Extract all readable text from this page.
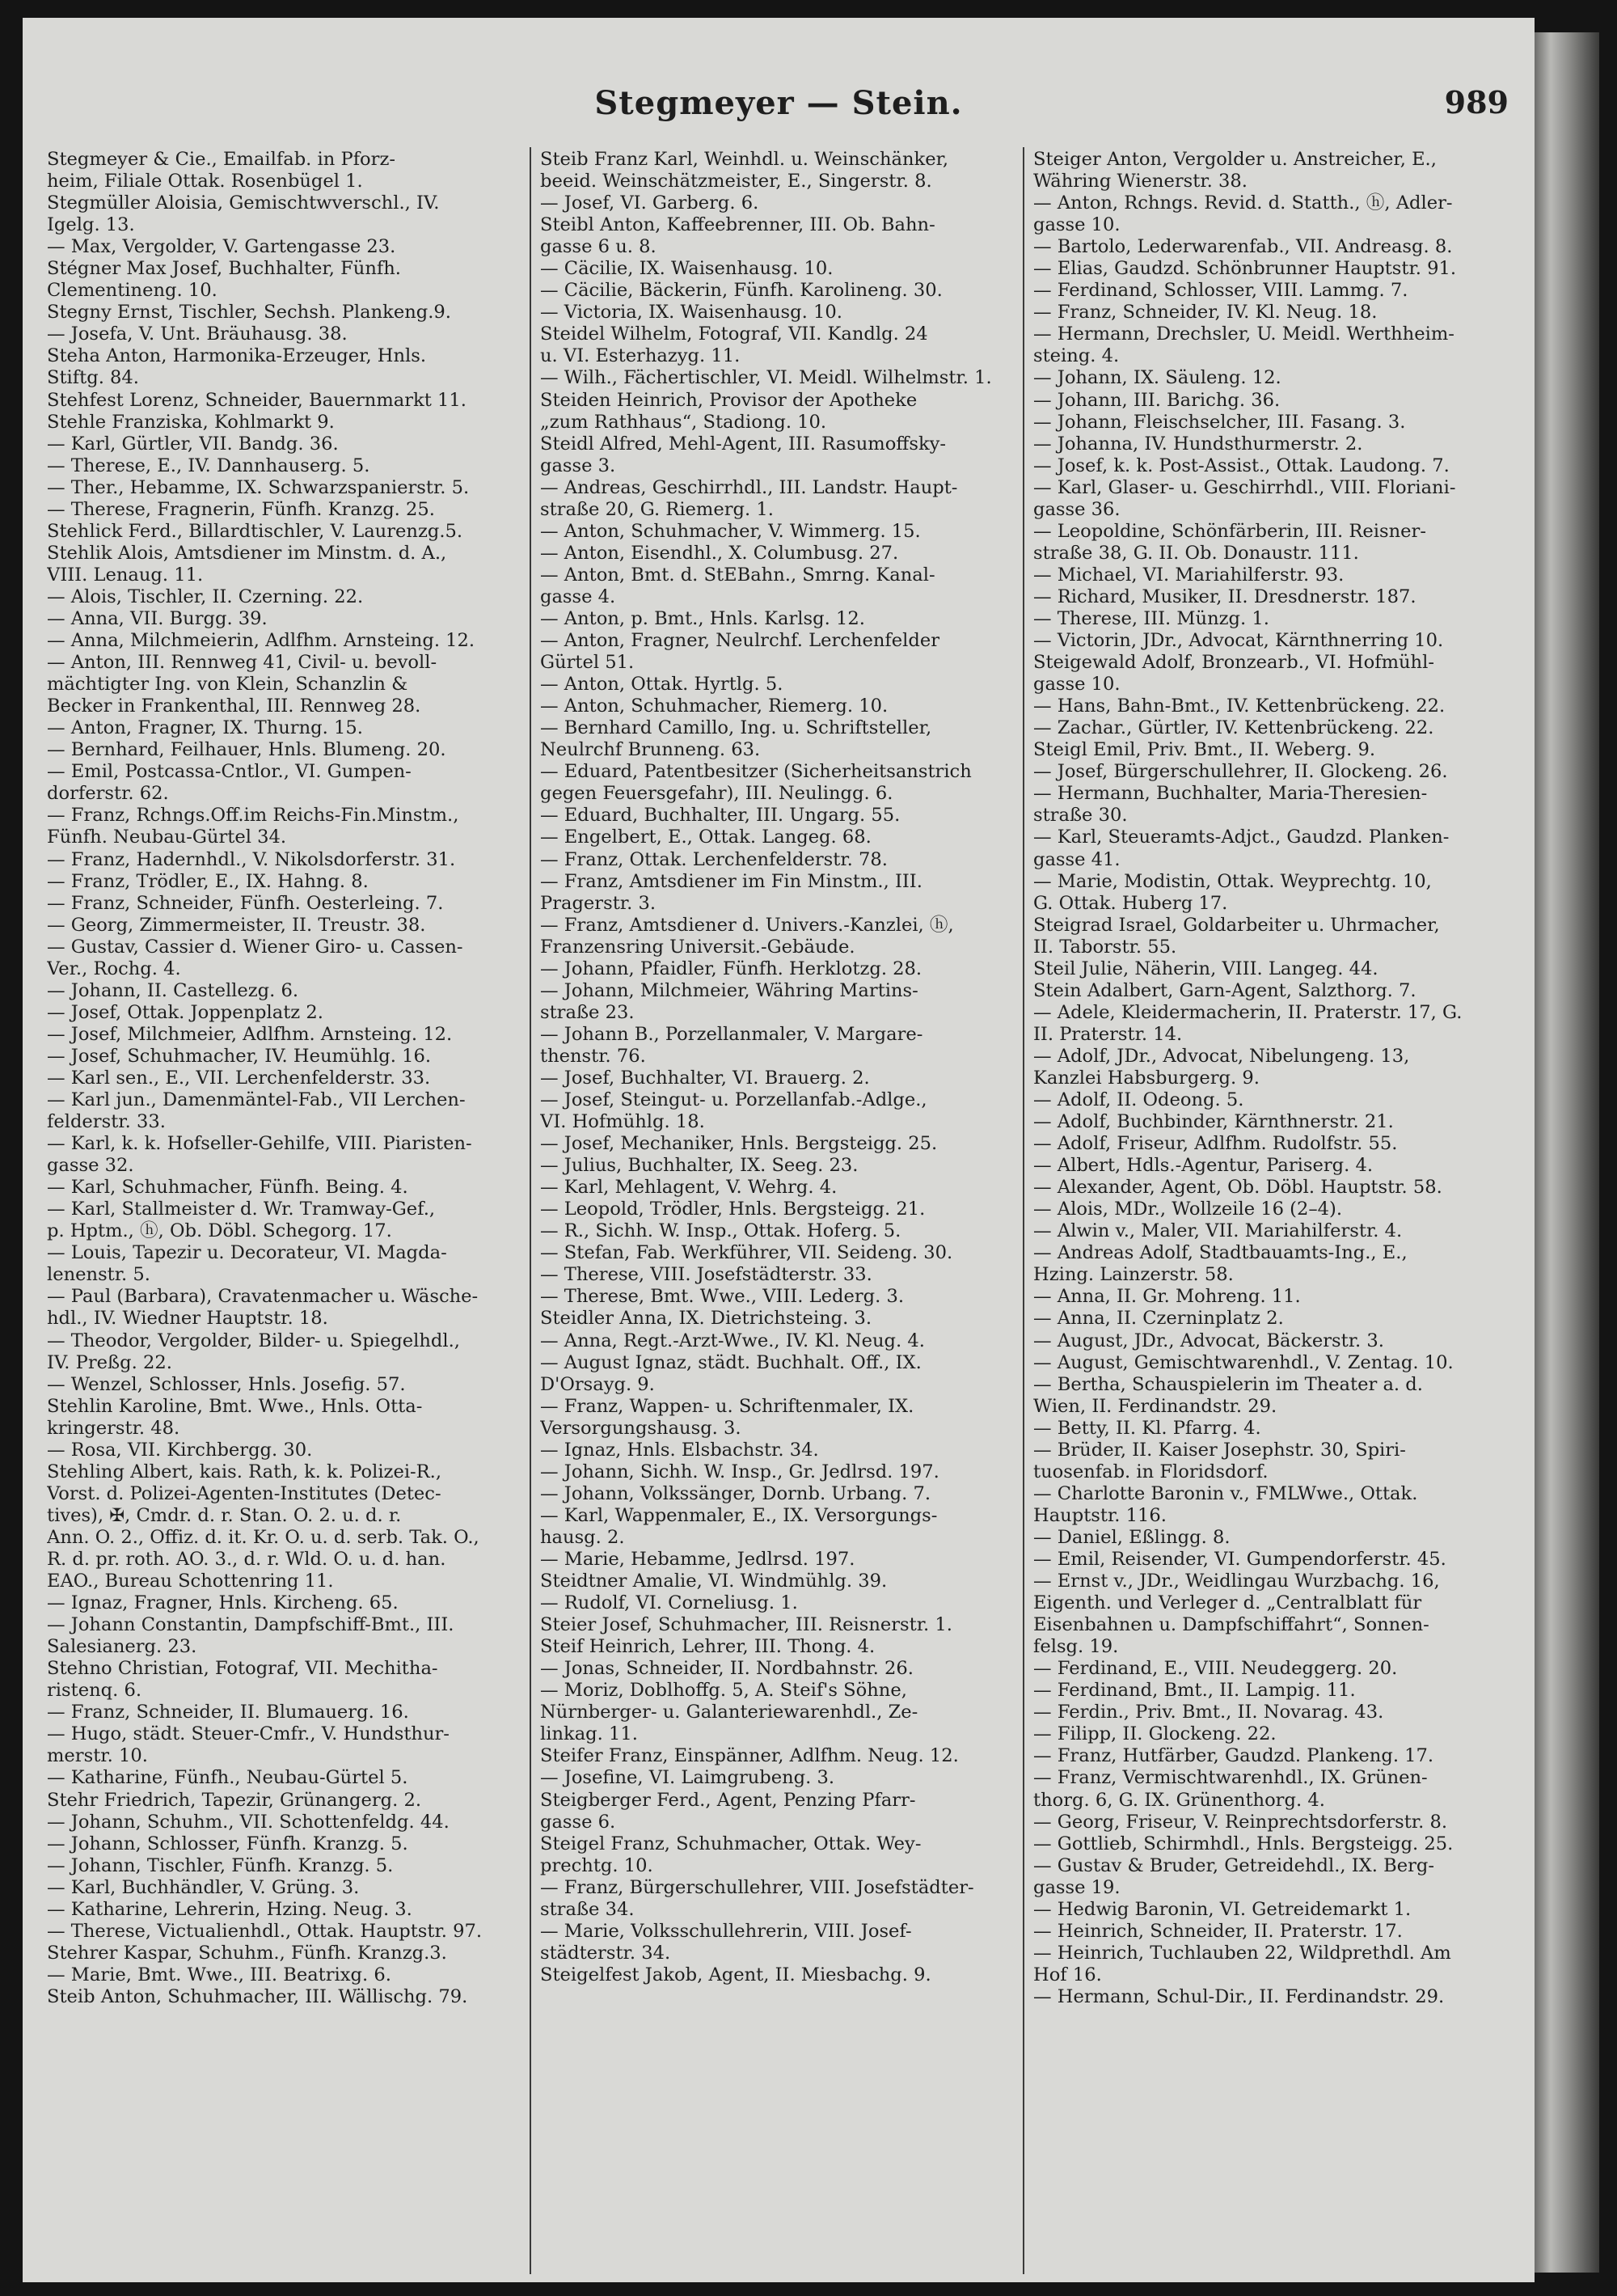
Stegmeyer — Stein.	989
Stegmeyer & Cie., Emailfab. in Pforz-
heim, Filiale Ottak. Rosenbügel 1.
Stegmüller Aloisia, Gemischtwverschl., IV.
Igelg. 13.
— Max, Vergolder, V. Gartengasse 23.
Stégner Max Josef, Buchhalter, Fünfh.
Clementineng. 10.
Stegny Ernst, Tischler, Sechsh. Plankeng.9.
— Josefa, V. Unt. Bräuhausg. 38.
Steha Anton, Harmonika-Erzeuger, Hnls.
Stiftg. 84.
Stehfest Lorenz, Schneider, Bauernmarkt 11.
Stehle Franziska, Kohlmarkt 9.
— Karl, Gürtler, VII. Bandg. 36.
— Therese, E., IV. Dannhauserg. 5.
— Ther., Hebamme, IX. Schwarzspanierstr. 5.
— Therese, Fragnerin, Fünfh. Kranzg. 25.
Stehlick Ferd., Billardtischler, V. Laurenzg.5.
Stehlik Alois, Amtsdiener im Minstm. d. A.,
VIII. Lenaug. 11.
— Alois, Tischler, II. Czerning. 22.
— Anna, VII. Burgg. 39.
— Anna, Milchmeierin, Adlfhm. Arnsteing. 12.
— Anton, III. Rennweg 41, Civil- u. bevoll-
mächtigter Ing. von Klein, Schanzlin &
Becker in Frankenthal, III. Rennweg 28.
— Anton, Fragner, IX. Thurng. 15.
— Bernhard, Feilhauer, Hnls. Blumeng. 20.
— Emil, Postcassa-Cntlor., VI. Gumpen-
dorferstr. 62.
— Franz, Rchngs.Off.im Reichs-Fin.Minstm.,
Fünfh. Neubau-Gürtel 34.
— Franz, Hadernhdl., V. Nikolsdorferstr. 31.
— Franz, Trödler, E., IX. Hahng. 8.
— Franz, Schneider, Fünfh. Oesterleing. 7.
— Georg, Zimmermeister, II. Treustr. 38.
— Gustav, Cassier d. Wiener Giro- u. Cassen-
Ver., Rochg. 4.
— Johann, II. Castellezg. 6.
— Josef, Ottak. Joppenplatz 2.
— Josef, Milchmeier, Adlfhm. Arnsteing. 12.
— Josef, Schuhmacher, IV. Heumühlg. 16.
— Karl sen., E., VII. Lerchenfelderstr. 33.
— Karl jun., Damenmäntel-Fab., VII Lerchen-
felderstr. 33.
— Karl, k. k. Hofseller-Gehilfe, VIII. Piaristen-
gasse 32.
— Karl, Schuhmacher, Fünfh. Being. 4.
— Karl, Stallmeister d. Wr. Tramway-Gef.,
p. Hptm., ⓗ, Ob. Döbl. Schegorg. 17.
— Louis, Tapezir u. Decorateur, VI. Magda-
lenenstr. 5.
— Paul (Barbara), Cravatenmacher u. Wäsche-
hdl., IV. Wiedner Hauptstr. 18.
— Theodor, Vergolder, Bilder- u. Spiegelhdl.,
IV. Preßg. 22.
— Wenzel, Schlosser, Hnls. Josefig. 57.
Stehlin Karoline, Bmt. Wwe., Hnls. Otta-
kringerstr. 48.
— Rosa, VII. Kirchbergg. 30.
Stehling Albert, kais. Rath, k. k. Polizei-R.,
Vorst. d. Polizei-Agenten-Institutes (Detec-
tives), ✠, Cmdr. d. r. Stan. O. 2. u. d. r.
Ann. O. 2., Offiz. d. it. Kr. O. u. d. serb. Tak. O.,
R. d. pr. roth. AO. 3., d. r. Wld. O. u. d. han.
EAO., Bureau Schottenring 11.
— Ignaz, Fragner, Hnls. Kircheng. 65.
— Johann Constantin, Dampfschiff-Bmt., III.
Salesianerg. 23.
Stehno Christian, Fotograf, VII. Mechitha-
ristenq. 6.
— Franz, Schneider, II. Blumauerg. 16.
— Hugo, städt. Steuer-Cmfr., V. Hundsthur-
merstr. 10.
— Katharine, Fünfh., Neubau-Gürtel 5.
Stehr Friedrich, Tapezir, Grünangerg. 2.
— Johann, Schuhm., VII. Schottenfeldg. 44.
— Johann, Schlosser, Fünfh. Kranzg. 5.
— Johann, Tischler, Fünfh. Kranzg. 5.
— Karl, Buchhändler, V. Grüng. 3.
— Katharine, Lehrerin, Hzing. Neug. 3.
— Therese, Victualienhdl., Ottak. Hauptstr. 97.
Stehrer Kaspar, Schuhm., Fünfh. Kranzg.3.
— Marie, Bmt. Wwe., III. Beatrixg. 6.
Steib Anton, Schuhmacher, III. Wällischg. 79.
Steib Franz Karl, Weinhdl. u. Weinschänker,
beeid. Weinschätzmeister, E., Singerstr. 8.
— Josef, VI. Garberg. 6.
Steibl Anton, Kaffeebrenner, III. Ob. Bahn-
gasse 6 u. 8.
— Cäcilie, IX. Waisenhausg. 10.
— Cäcilie, Bäckerin, Fünfh. Karolineng. 30.
— Victoria, IX. Waisenhausg. 10.
Steidel Wilhelm, Fotograf, VII. Kandlg. 24
u. VI. Esterhazyg. 11.
— Wilh., Fächertischler, VI. Meidl. Wilhelmstr. 1.
Steiden Heinrich, Provisor der Apotheke
„zum Rathhaus“, Stadiong. 10.
Steidl Alfred, Mehl-Agent, III. Rasumoffsky-
gasse 3.
— Andreas, Geschirrhdl., III. Landstr. Haupt-
straße 20, G. Riemerg. 1.
— Anton, Schuhmacher, V. Wimmerg. 15.
— Anton, Eisendhl., X. Columbusg. 27.
— Anton, Bmt. d. StEBahn., Smrng. Kanal-
gasse 4.
— Anton, p. Bmt., Hnls. Karlsg. 12.
— Anton, Fragner, Neulrchf. Lerchenfelder
Gürtel 51.
— Anton, Ottak. Hyrtlg. 5.
— Anton, Schuhmacher, Riemerg. 10.
— Bernhard Camillo, Ing. u. Schriftsteller,
Neulrchf Brunneng. 63.
— Eduard, Patentbesitzer (Sicherheitsanstrich
gegen Feuersgefahr), III. Neulingg. 6.
— Eduard, Buchhalter, III. Ungarg. 55.
— Engelbert, E., Ottak. Langeg. 68.
— Franz, Ottak. Lerchenfelderstr. 78.
— Franz, Amtsdiener im Fin Minstm., III.
Pragerstr. 3.
— Franz, Amtsdiener d. Univers.-Kanzlei, ⓗ,
Franzensring Universit.-Gebäude.
— Johann, Pfaidler, Fünfh. Herklotzg. 28.
— Johann, Milchmeier, Währing Martins-
straße 23.
— Johann B., Porzellanmaler, V. Margare-
thenstr. 76.
— Josef, Buchhalter, VI. Brauerg. 2.
— Josef, Steingut- u. Porzellanfab.-Adlge.,
VI. Hofmühlg. 18.
— Josef, Mechaniker, Hnls. Bergsteigg. 25.
— Julius, Buchhalter, IX. Seeg. 23.
— Karl, Mehlagent, V. Wehrg. 4.
— Leopold, Trödler, Hnls. Bergsteigg. 21.
— R., Sichh. W. Insp., Ottak. Hoferg. 5.
— Stefan, Fab. Werkführer, VII. Seideng. 30.
— Therese, VIII. Josefstädterstr. 33.
— Therese, Bmt. Wwe., VIII. Lederg. 3.
Steidler Anna, IX. Dietrichsteing. 3.
— Anna, Regt.-Arzt-Wwe., IV. Kl. Neug. 4.
— August Ignaz, städt. Buchhalt. Off., IX.
D'Orsayg. 9.
— Franz, Wappen- u. Schriftenmaler, IX.
Versorgungshausg. 3.
— Ignaz, Hnls. Elsbachstr. 34.
— Johann, Sichh. W. Insp., Gr. Jedlrsd. 197.
— Johann, Volkssänger, Dornb. Urbang. 7.
— Karl, Wappenmaler, E., IX. Versorgungs-
hausg. 2.
— Marie, Hebamme, Jedlrsd. 197.
Steidtner Amalie, VI. Windmühlg. 39.
— Rudolf, VI. Corneliusg. 1.
Steier Josef, Schuhmacher, III. Reisnerstr. 1.
Steif Heinrich, Lehrer, III. Thong. 4.
— Jonas, Schneider, II. Nordbahnstr. 26.
— Moriz, Doblhoffg. 5, A. Steif's Söhne,
Nürnberger- u. Galanteriewarenhdl., Ze-
linkag. 11.
Steifer Franz, Einspänner, Adlfhm. Neug. 12.
— Josefine, VI. Laimgrubeng. 3.
Steigberger Ferd., Agent, Penzing Pfarr-
gasse 6.
Steigel Franz, Schuhmacher, Ottak. Wey-
prechtg. 10.
— Franz, Bürgerschullehrer, VIII. Josefstädter-
straße 34.
— Marie, Volksschullehrerin, VIII. Josef-
städterstr. 34.
Steigelfest Jakob, Agent, II. Miesbachg. 9.
Steiger Anton, Vergolder u. Anstreicher, E.,
Währing Wienerstr. 38.
— Anton, Rchngs. Revid. d. Statth., ⓗ, Adler-
gasse 10.
— Bartolo, Lederwarenfab., VII. Andreasg. 8.
— Elias, Gaudzd. Schönbrunner Hauptstr. 91.
— Ferdinand, Schlosser, VIII. Lammg. 7.
— Franz, Schneider, IV. Kl. Neug. 18.
— Hermann, Drechsler, U. Meidl. Werthheim-
steing. 4.
— Johann, IX. Säuleng. 12.
— Johann, III. Barichg. 36.
— Johann, Fleischselcher, III. Fasang. 3.
— Johanna, IV. Hundsthurmerstr. 2.
— Josef, k. k. Post-Assist., Ottak. Laudong. 7.
— Karl, Glaser- u. Geschirrhdl., VIII. Floriani-
gasse 36.
— Leopoldine, Schönfärberin, III. Reisner-
straße 38, G. II. Ob. Donaustr. 111.
— Michael, VI. Mariahilferstr. 93.
— Richard, Musiker, II. Dresdnerstr. 187.
— Therese, III. Münzg. 1.
— Victorin, JDr., Advocat, Kärnthnerring 10.
Steigewald Adolf, Bronzearb., VI. Hofmühl-
gasse 10.
— Hans, Bahn-Bmt., IV. Kettenbrückeng. 22.
— Zachar., Gürtler, IV. Kettenbrückeng. 22.
Steigl Emil, Priv. Bmt., II. Weberg. 9.
— Josef, Bürgerschullehrer, II. Glockeng. 26.
— Hermann, Buchhalter, Maria-Theresien-
straße 30.
— Karl, Steueramts-Adjct., Gaudzd. Planken-
gasse 41.
— Marie, Modistin, Ottak. Weyprechtg. 10,
G. Ottak. Huberg 17.
Steigrad Israel, Goldarbeiter u. Uhrmacher,
II. Taborstr. 55.
Steil Julie, Näherin, VIII. Langeg. 44.
Stein Adalbert, Garn-Agent, Salzthorg. 7.
— Adele, Kleidermacherin, II. Praterstr. 17, G.
II. Praterstr. 14.
— Adolf, JDr., Advocat, Nibelungeng. 13,
Kanzlei Habsburgerg. 9.
— Adolf, II. Odeong. 5.
— Adolf, Buchbinder, Kärnthnerstr. 21.
— Adolf, Friseur, Adlfhm. Rudolfstr. 55.
— Albert, Hdls.-Agentur, Pariserg. 4.
— Alexander, Agent, Ob. Döbl. Hauptstr. 58.
— Alois, MDr., Wollzeile 16 (2–4).
— Alwin v., Maler, VII. Mariahilferstr. 4.
— Andreas Adolf, Stadtbauamts-Ing., E.,
Hzing. Lainzerstr. 58.
— Anna, II. Gr. Mohreng. 11.
— Anna, II. Czerninplatz 2.
— August, JDr., Advocat, Bäckerstr. 3.
— August, Gemischtwarenhdl., V. Zentag. 10.
— Bertha, Schauspielerin im Theater a. d.
Wien, II. Ferdinandstr. 29.
— Betty, II. Kl. Pfarrg. 4.
— Brüder, II. Kaiser Josephstr. 30, Spiri-
tuosenfab. in Floridsdorf.
— Charlotte Baronin v., FMLWwe., Ottak.
Hauptstr. 116.
— Daniel, Eßlingg. 8.
— Emil, Reisender, VI. Gumpendorferstr. 45.
— Ernst v., JDr., Weidlingau Wurzbachg. 16,
Eigenth. und Verleger d. „Centralblatt für
Eisenbahnen u. Dampfschiffahrt“, Sonnen-
felsg. 19.
— Ferdinand, E., VIII. Neudeggerg. 20.
— Ferdinand, Bmt., II. Lampig. 11.
— Ferdin., Priv. Bmt., II. Novarag. 43.
— Filipp, II. Glockeng. 22.
— Franz, Hutfärber, Gaudzd. Plankeng. 17.
— Franz, Vermischtwarenhdl., IX. Grünen-
thorg. 6, G. IX. Grünenthorg. 4.
— Georg, Friseur, V. Reinprechtsdorferstr. 8.
— Gottlieb, Schirmhdl., Hnls. Bergsteigg. 25.
— Gustav & Bruder, Getreidehdl., IX. Berg-
gasse 19.
— Hedwig Baronin, VI. Getreidemarkt 1.
— Heinrich, Schneider, II. Praterstr. 17.
— Heinrich, Tuchlauben 22, Wildprethdl. Am
Hof 16.
— Hermann, Schul-Dir., II. Ferdinandstr. 29.
